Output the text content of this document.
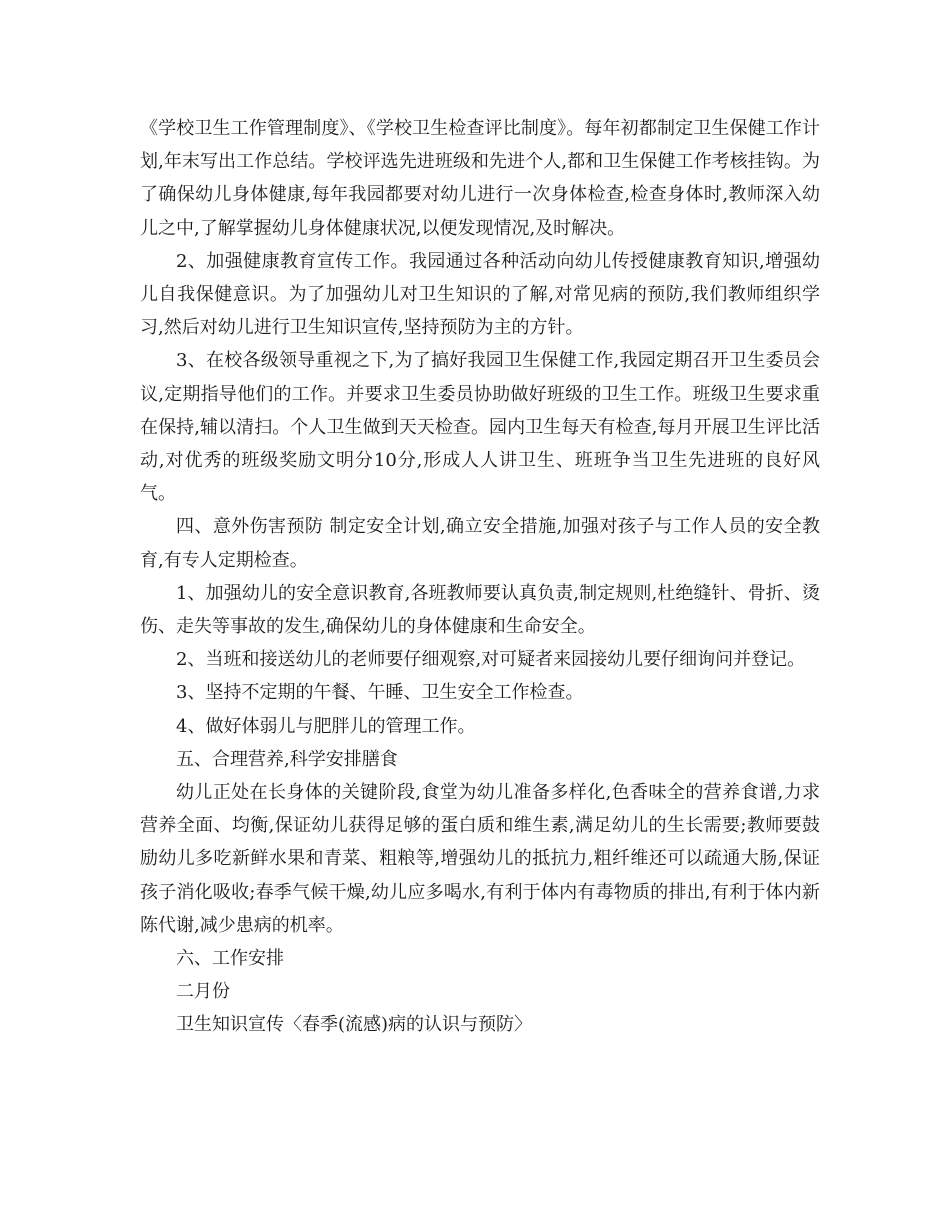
《学校卫生工作管理制度》、《学校卫生检查评比制度》。每年初都制定卫生保健工作计划,年末写出工作总结。学校评选先进班级和先进个人,都和卫生保健工作考核挂钩。为了确保幼儿身体健康,每年我园都要对幼儿进行一次身体检查,检查身体时,教师深入幼儿之中,了解掌握幼儿身体健康状况,以便发现情况,及时解决。

2、加强健康教育宣传工作。我园通过各种活动向幼儿传授健康教育知识,增强幼儿自我保健意识。为了加强幼儿对卫生知识的了解,对常见病的预防,我们教师组织学习,然后对幼儿进行卫生知识宣传,坚持预防为主的方针。

3、在校各级领导重视之下,为了搞好我园卫生保健工作,我园定期召开卫生委员会议,定期指导他们的工作。并要求卫生委员协助做好班级的卫生工作。班级卫生要求重在保持,辅以清扫。个人卫生做到天天检查。园内卫生每天有检查,每月开展卫生评比活动,对优秀的班级奖励文明分10分,形成人人讲卫生、班班争当卫生先进班的良好风气。

四、意外伤害预防 制定安全计划,确立安全措施,加强对孩子与工作人员的安全教育,有专人定期检查。

1、加强幼儿的安全意识教育,各班教师要认真负责,制定规则,杜绝缝针、骨折、烫伤、走失等事故的发生,确保幼儿的身体健康和生命安全。

2、当班和接送幼儿的老师要仔细观察,对可疑者来园接幼儿要仔细询问并登记。

3、坚持不定期的午餐、午睡、卫生安全工作检查。

4、做好体弱儿与肥胖儿的管理工作。

五、合理营养,科学安排膳食

幼儿正处在长身体的关键阶段,食堂为幼儿准备多样化,色香味全的营养食谱,力求营养全面、均衡,保证幼儿获得足够的蛋白质和维生素,满足幼儿的生长需要;教师要鼓励幼儿多吃新鲜水果和青菜、粗粮等,增强幼儿的抵抗力,粗纤维还可以疏通大肠,保证孩子消化吸收;春季气候干燥,幼儿应多喝水,有利于体内有毒物质的排出,有利于体内新陈代谢,减少患病的机率。

六、工作安排

二月份

卫生知识宣传〈春季(流感)病的认识与预防〉
